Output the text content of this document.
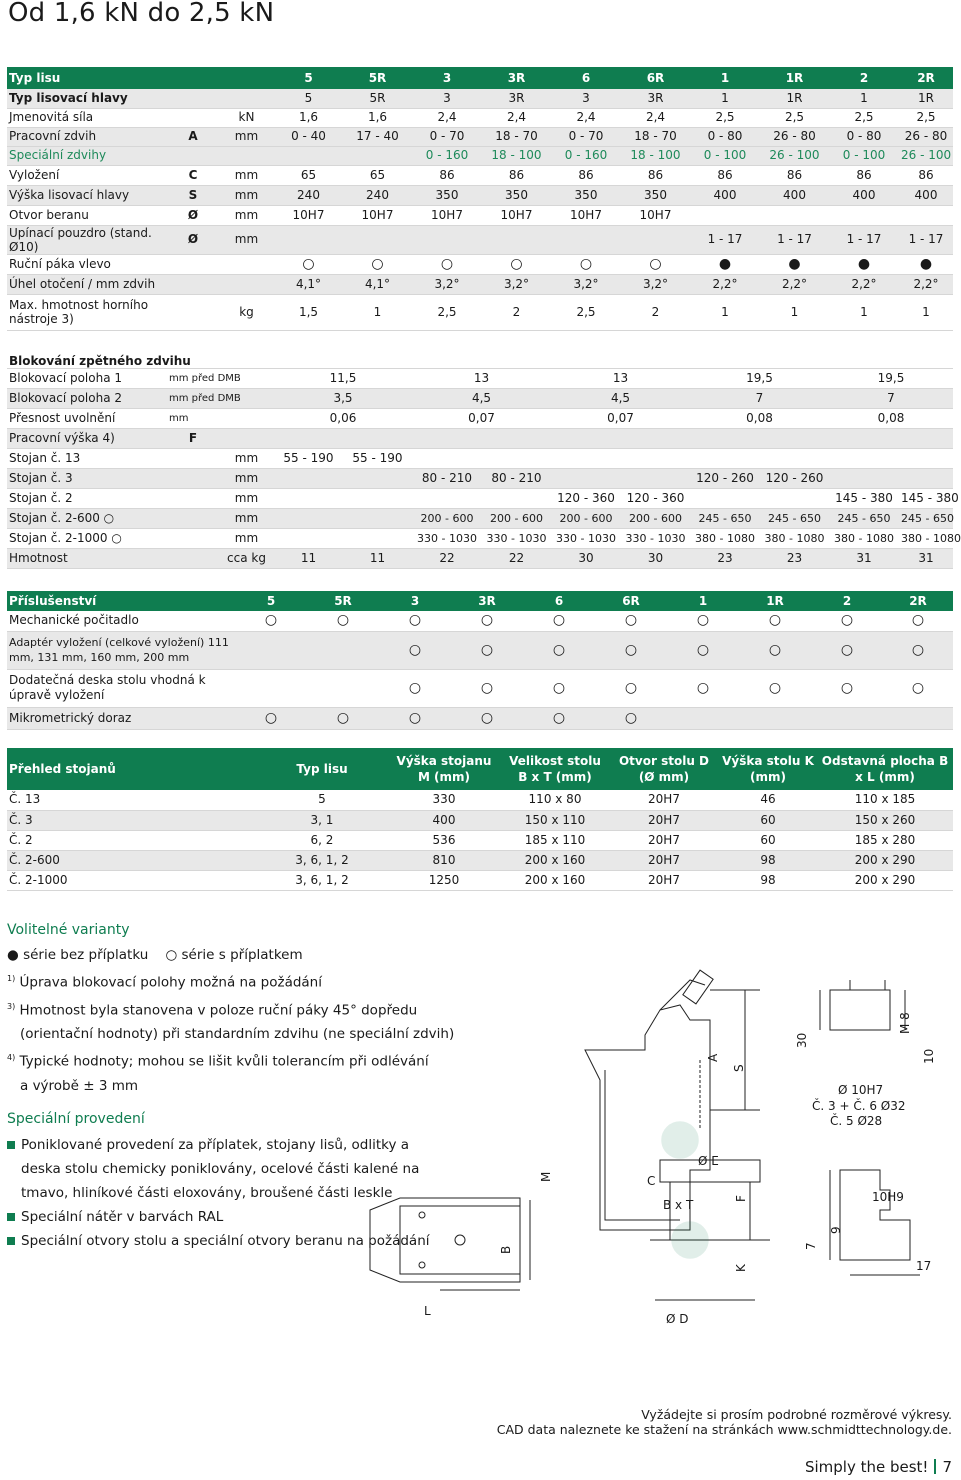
Od 1,6 kN do 2,5 kN
Typ lisu			5	5R	3	3R	6	6R	1	1R	2	2R
Typ lisovací hlavy			5	5R	3	3R	3	3R	1	1R	1	1R
Jmenovitá síla		kN	1,6	1,6	2,4	2,4	2,4	2,4	2,5	2,5	2,5	2,5
Pracovní zdvih	A	mm	0 - 40	17 - 40	0 - 70	18 - 70	0 - 70	18 - 70	0 - 80	26 - 80	0 - 80	26 - 80
Speciální zdvihy					0 - 160	18 - 100	0 - 160	18 - 100	0 - 100	26 - 100	0 - 100	26 - 100
Vyložení	C	mm	65	65	86	86	86	86	86	86	86	86
Výška lisovací hlavy	S	mm	240	240	350	350	350	350	400	400	400	400
Otvor beranu	Ø	mm	10H7	10H7	10H7	10H7	10H7	10H7				
Upínací pouzdro (stand. Ø10)	Ø	mm							1 - 17	1 - 17	1 - 17	1 - 17
Ruční páka vlevo			○	○	○	○	○	○	●	●	●	●
Úhel otočení / mm zdvih			4,1°	4,1°	3,2°	3,2°	3,2°	3,2°	2,2°	2,2°	2,2°	2,2°
Max. hmotnost horního nástroje 3)		kg	1,5	1	2,5	2	2,5	2	1	1	1	1
Blokování zpětného zdvihu												
Blokovací poloha 1	mm před DMB		11,5		13		13		19,5		19,5	
Blokovací poloha 2	mm před DMB		3,5		4,5		4,5		7		7	
Přesnost uvolnění	mm		0,06		0,07		0,07		0,08		0,08	
Pracovní výška 4)	F											
Stojan č. 13		mm	55 - 190	55 - 190								
Stojan č. 3		mm			80 - 210	80 - 210			120 - 260	120 - 260		
Stojan č. 2		mm					120 - 360	120 - 360			145 - 380	145 - 380
Stojan č. 2-600 ○		mm			200 - 600	200 - 600	200 - 600	200 - 600	245 - 650	245 - 650	245 - 650	245 - 650
Stojan č. 2-1000 ○		mm			330 - 1030	330 - 1030	330 - 1030	330 - 1030	380 - 1080	380 - 1080	380 - 1080	380 - 1080
Hmotnost		cca kg	11	11	22	22	30	30	23	23	31	31
Příslušenství	5	5R	3	3R	6	6R	1	1R	2	2R
Mechanické počitadlo	○	○	○	○	○	○	○	○	○	○
Adaptér vyložení (celkové vyložení) 111 mm, 131 mm, 160 mm, 200 mm			○	○	○	○	○	○	○	○
Dodatečná deska stolu vhodná k úpravě vyložení			○	○	○	○	○	○	○	○
Mikrometrický doraz	○	○	○	○	○	○				
Přehled stojanů	Typ lisu	Výška stojanu M (mm)	Velikost stolu B x T (mm)	Otvor stolu D (Ø mm)	Výška stolu K (mm)	Odstavná plocha B x L (mm)
Č. 13	5	330	110 x 80	20H7	46	110 x 185
Č. 3	3, 1	400	150 x 110	20H7	60	150 x 260
Č. 2	6, 2	536	185 x 110	20H7	60	185 x 280
Č. 2-600	3, 6, 1, 2	810	200 x 160	20H7	98	200 x 290
Č. 2-1000	3, 6, 1, 2	1250	200 x 160	20H7	98	200 x 290
Volitelné varianty
● série bez příplatku    ○ série s příplatkem
$^{1)}$ Úprava blokovací polohy možná na požádání
$^{3)}$ Hmotnost byla stanovena v poloze ruční páky 45° dopředu
(orientační hodnoty) při standardním zdvihu (ne speciální zdvih)
$^{4)}$ Typické hodnoty; mohou se lišit kvůli tolerancím při odlévání
a výrobě ± 3 mm
Speciální provedení
Poniklované provedení za příplatek, stojany lisů, odlitky a deska stolu chemicky poniklovány, ocelové části kalené na tmavo, hliníkové části eloxovány, broušené části leskle
Speciální nátěr v barvách RAL
Speciální otvory stolu a speciální otvory beranu na požádání
A
S
M	C
F
K
B
L
B x T
Ø E
Ø D
30
M 8
10
Ø 10H7
Č. 3 + Č. 6 Ø32
Č. 5 Ø28
10H9
7
9
17
Vyžádejte si prosím podrobné rozměrové výkresy.
CAD data naleznete ke stažení na stránkách www.schmidttechnology.de.
Simply the best! 7
